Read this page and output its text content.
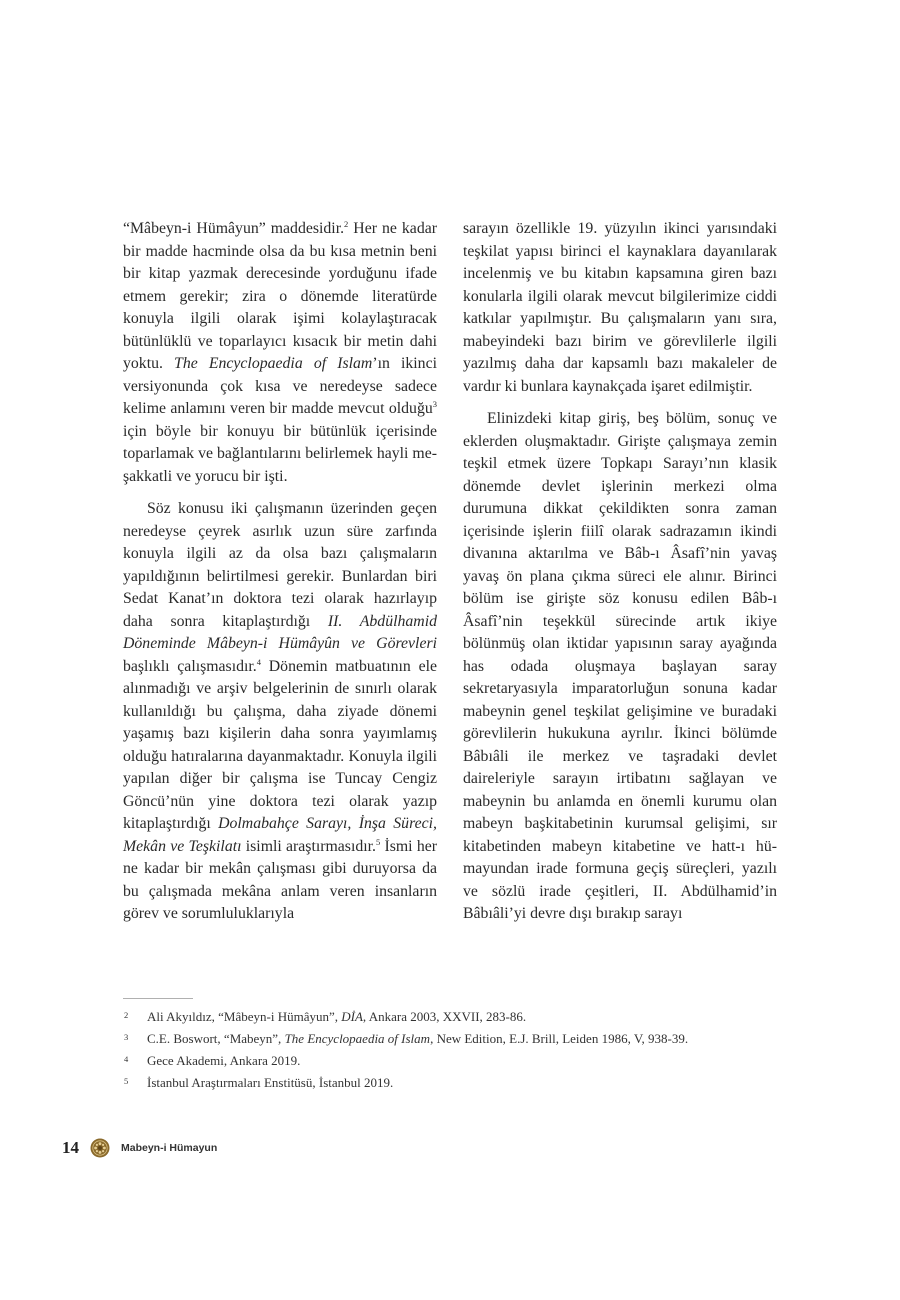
“Mâbeyn-i Hümâyun” maddesidir.$^2$ Her ne kadar bir madde hacminde olsa da bu kısa metnin beni bir kitap yazmak derecesinde yorduğunu ifade etmem gerekir; zira o dönemde literatürde konuyla ilgili olarak işimi kolaylaştıracak bütünlüklü ve toparlayıcı kısacık bir metin dahi yoktu. The Encyclopaedia of Islam’ın ikinci versiyonunda çok kısa ve neredeyse sadece kelime anlamını veren bir madde mevcut olduğu$^3$ için böyle bir konuyu bir bütünlük içerisinde toparlamak ve bağlantılarını belirlemek hayli meşakkatli ve yorucu bir işti.

Söz konusu iki çalışmanın üzerinden geçen neredeyse çeyrek asırlık uzun süre zarfında konuyla ilgili az da olsa bazı çalışmaların yapıldığının belirtilmesi gerekir. Bunlardan biri Sedat Kanat’ın doktora tezi olarak hazırlayıp daha sonra kitaplaştırdığı II. Abdülhamid Döneminde Mâbeyn-i Hümâyûn ve Görevleri başlıklı çalışmasıdır.$^4$ Dönemin matbuatının ele alınmadığı ve arşiv belgelerinin de sınırlı olarak kullanıldığı bu çalışma, daha ziyade dönemi yaşamış bazı kişilerin daha sonra yayımlamış olduğu hatıralarına dayanmaktadır. Konuyla ilgili yapılan diğer bir çalışma ise Tuncay Cengiz Göncü’nün yine doktora tezi olarak yazıp kitaplaştırdığı Dolmabahçe Sarayı, İnşa Süreci, Mekân ve Teşkilatı isimli araştırmasıdır.$^5$ İsmi her ne kadar bir mekân çalışması gibi duruyorsa da bu çalışmada mekâna anlam veren insanların görev ve sorumluluklarıyla

sarayın özellikle 19. yüzyılın ikinci yarısındaki teşkilat yapısı birinci el kaynaklara dayanılarak incelenmiş ve bu kitabın kapsamına giren bazı konularla ilgili olarak mevcut bilgilerimize ciddi katkılar yapılmıştır. Bu çalışmaların yanı sıra, mabeyindeki bazı birim ve görevlilerle ilgili yazılmış daha dar kapsamlı bazı makaleler de vardır ki bunlara kaynakçada işaret edilmiştir.

Elinizdeki kitap giriş, beş bölüm, sonuç ve eklerden oluşmaktadır. Girişte çalışmaya zemin teşkil etmek üzere Topkapı Sarayı’nın klasik dönemde devlet işlerinin merkezi olma durumuna dikkat çekildikten sonra zaman içerisinde işlerin fiilî olarak sadrazamın ikindi divanına aktarılma ve Bâb-ı Âsafî’nin yavaş yavaş ön plana çıkma süreci ele alınır. Birinci bölüm ise girişte söz konusu edilen Bâb-ı Âsafî’nin teşekkül sürecinde artık ikiye bölünmüş olan iktidar yapısının saray ayağında has odada oluşmaya başlayan saray sekretaryasıyla imparatorluğun sonuna kadar mabeynin genel teşkilat gelişimine ve buradaki görevlilerin hukukuna ayrılır. İkinci bölümde Bâbıâli ile merkez ve taşradaki devlet daireleriyle sarayın irtibatını sağlayan ve mabeynin bu anlamda en önemli kurumu olan mabeyn başkitabetinin kurumsal gelişimi, sır kitabetinden mabeyn kitabetine ve hatt-ı hümayundan irade formuna geçiş süreçleri, yazılı ve sözlü irade çeşitleri, II. Abdülhamid’in Bâbıâli’yi devre dışı bırakıp sarayı

2 Ali Akyıldız, “Mâbeyn-i Hümâyun”, DİA, Ankara 2003, XXVII, 283-86.
3 C.E. Boswort, “Mabeyn”, The Encyclopaedia of Islam, New Edition, E.J. Brill, Leiden 1986, V, 938-39.
4 Gece Akademi, Ankara 2019.
5 İstanbul Araştırmaları Enstitüsü, İstanbul 2019.
14	Mabeyn-i Hümayun
